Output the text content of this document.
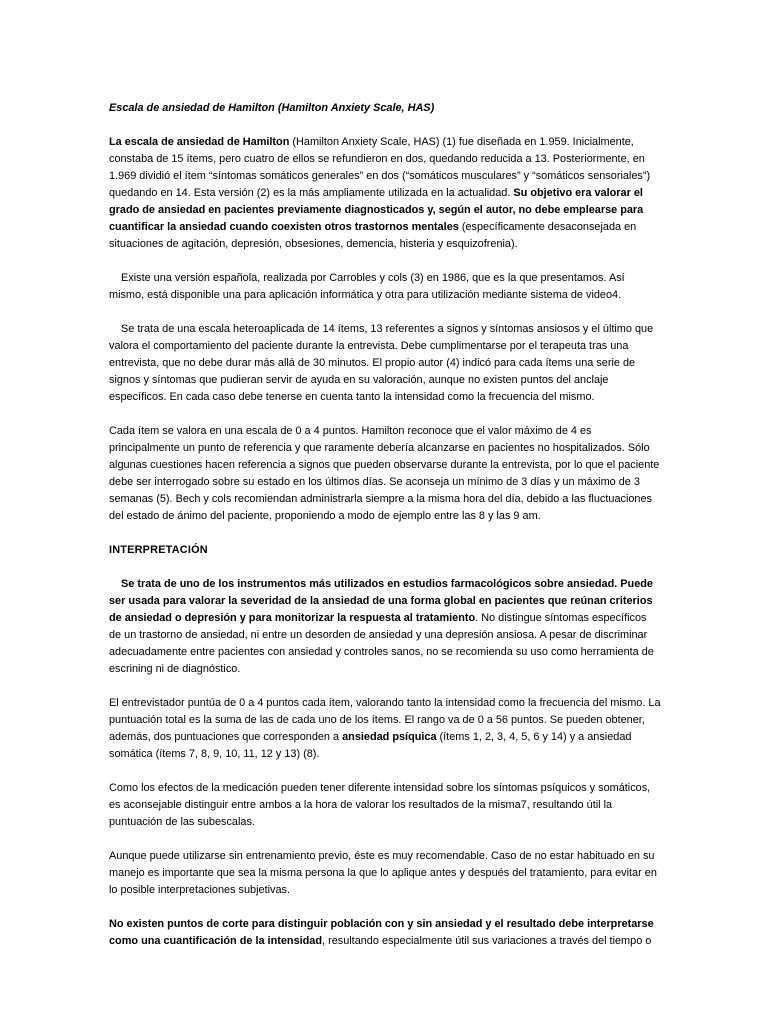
Escala de ansiedad de Hamilton (Hamilton Anxiety Scale, HAS)

La escala de ansiedad de Hamilton (Hamilton Anxiety Scale, HAS) (1) fue diseñada en 1.959. Inicialmente, constaba de 15 ítems, pero cuatro de ellos se refundieron en dos, quedando reducida a 13. Posteriormente, en 1.969 dividió el ítem “síntomas somáticos generales” en dos (“somáticos musculares” y “somáticos sensoriales”) quedando en 14. Esta versión (2) es la más ampliamente utilizada en la actualidad. Su objetivo era valorar el grado de ansiedad en pacientes previamente diagnosticados y, según el autor, no debe emplearse para cuantificar la ansiedad cuando coexisten otros trastornos mentales (específicamente desaconsejada en situaciones de agitación, depresión, obsesiones, demencia, histeria y esquizofrenia).

Existe una versión española, realizada por Carrobles y cols (3) en 1986, que es la que presentamos. Así mismo, está disponible una para aplicación informática y otra para utilización mediante sistema de video4.

Se trata de una escala heteroaplicada de 14 ítems, 13 referentes a signos y síntomas ansiosos y el último que valora el comportamiento del paciente durante la entrevista. Debe cumplimentarse por el terapeuta tras una entrevista, que no debe durar más allá de 30 minutos. El propio autor (4) indicó para cada ítems una serie de signos y síntomas que pudieran servir de ayuda en su valoración, aunque no existen puntos del anclaje específicos. En cada caso debe tenerse en cuenta tanto la intensidad como la frecuencia del mismo.

Cada ítem se valora en una escala de 0 a 4 puntos. Hamilton reconoce que el valor máximo de 4 es principalmente un punto de referencia y que raramente debería alcanzarse en pacientes no hospitalizados. Sólo algunas cuestiones hacen referencia a signos que pueden observarse durante la entrevista, por lo que el paciente debe ser interrogado sobre su estado en los últimos días. Se aconseja un mínimo de 3 días y un máximo de 3 semanas (5). Bech y cols recomiendan administrarla siempre a la misma hora del día, debido a las fluctuaciones del estado de ánimo del paciente, proponiendo a modo de ejemplo entre las 8 y las 9 am.

INTERPRETACIÓN

Se trata de uno de los instrumentos más utilizados en estudios farmacológicos sobre ansiedad. Puede ser usada para valorar la severidad de la ansiedad de una forma global en pacientes que reúnan criterios de ansiedad o depresión y para monitorizar la respuesta al tratamiento. No distingue síntomas específicos de un trastorno de ansiedad, ni entre un desorden de ansiedad y una depresión ansiosa. A pesar de discriminar adecuadamente entre pacientes con ansiedad y controles sanos, no se recomienda su uso como herramienta de escrining ni de diagnóstico.

El entrevistador puntúa de 0 a 4 puntos cada ítem, valorando tanto la intensidad como la frecuencia del mismo. La puntuación total es la suma de las de cada uno de los ítems. El rango va de 0 a 56 puntos. Se pueden obtener, además, dos puntuaciones que corresponden a ansiedad psíquica (ítems 1, 2, 3, 4, 5, 6 y 14) y a ansiedad somática (ítems 7, 8, 9, 10, 11, 12 y 13) (8).

Como los efectos de la medicación pueden tener diferente intensidad sobre los síntomas psíquicos y somáticos, es aconsejable distinguir entre ambos a la hora de valorar los resultados de la misma7, resultando útil la puntuación de las subescalas.

Aunque puede utilizarse sin entrenamiento previo, éste es muy recomendable. Caso de no estar habituado en su manejo es importante que sea la misma persona la que lo aplique antes y después del tratamiento, para evitar en lo posible interpretaciones subjetivas.

No existen puntos de corte para distinguir población con y sin ansiedad y el resultado debe interpretarse como una cuantificación de la intensidad, resultando especialmente útil sus variaciones a través del tiempo o
